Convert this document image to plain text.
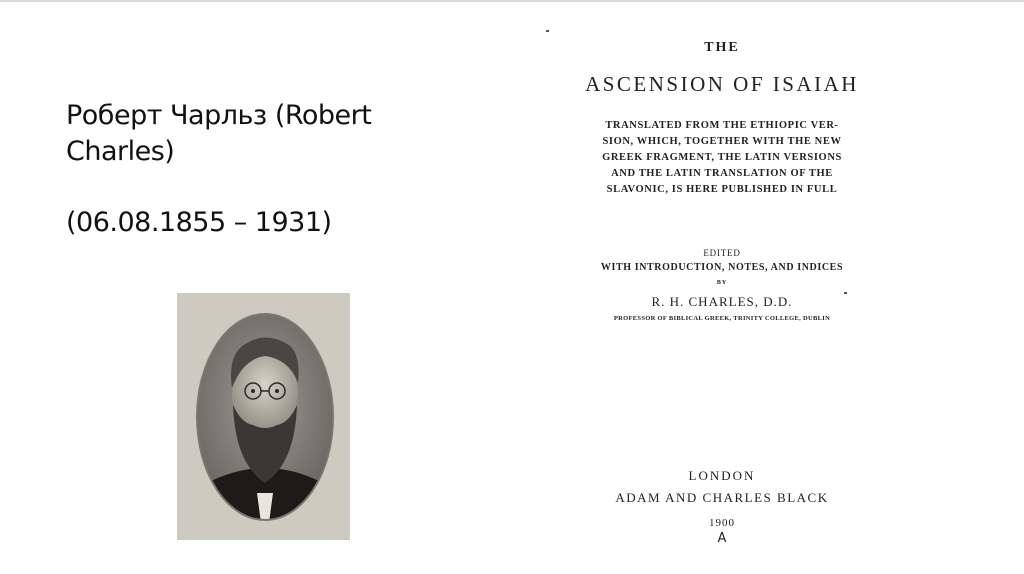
Роберт Чарльз (Robert
Charles)
(06.08.1855 – 1931)
THE
ASCENSION OF ISAIAH
TRANSLATED FROM THE ETHIOPIC VER-
SION, WHICH, TOGETHER WITH THE NEW
GREEK FRAGMENT, THE LATIN VERSIONS
AND THE LATIN TRANSLATION OF THE
SLAVONIC, IS HERE PUBLISHED IN FULL
EDITED
WITH INTRODUCTION, NOTES, AND INDICES
BY
R. H. CHARLES, D.D.
PROFESSOR OF BIBLICAL GREEK, TRINITY COLLEGE, DUBLIN
LONDON
ADAM AND CHARLES BLACK
1900
A
